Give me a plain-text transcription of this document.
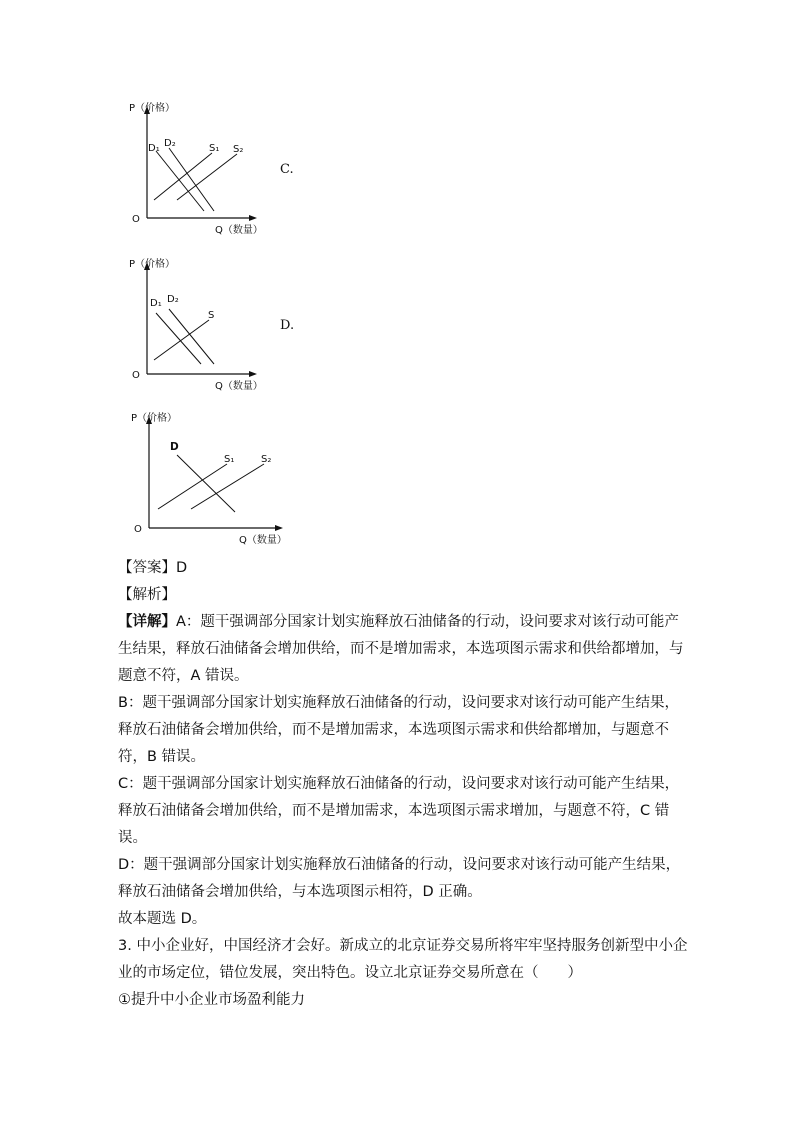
P（价格）
Q（数量）
O
D₁ D₂	S₁ S₂
C.
P（价格）
Q（数量）
O
D₁ D₂
S
D.
P（价格）
Q（数量）
O
D
S₁	S₂

【答案】D

【解析】

【详解】A：题干强调部分国家计划实施释放石油储备的行动，设问要求对该行动可能产

生结果，释放石油储备会增加供给，而不是增加需求，本选项图示需求和供给都增加，与

题意不符，A 错误。

B：题干强调部分国家计划实施释放石油储备的行动，设问要求对该行动可能产生结果，

释放石油储备会增加供给，而不是增加需求，本选项图示需求和供给都增加，与题意不

符，B 错误。

C：题干强调部分国家计划实施释放石油储备的行动，设问要求对该行动可能产生结果，

释放石油储备会增加供给，而不是增加需求，本选项图示需求增加，与题意不符，C 错

误。

D：题干强调部分国家计划实施释放石油储备的行动，设问要求对该行动可能产生结果，

释放石油储备会增加供给，与本选项图示相符，D 正确。

故本题选 D。

3. 中小企业好，中国经济才会好。新成立的北京证券交易所将牢牢坚持服务创新型中小企

业的市场定位，错位发展，突出特色。设立北京证券交易所意在（　　）

①提升中小企业市场盈利能力
